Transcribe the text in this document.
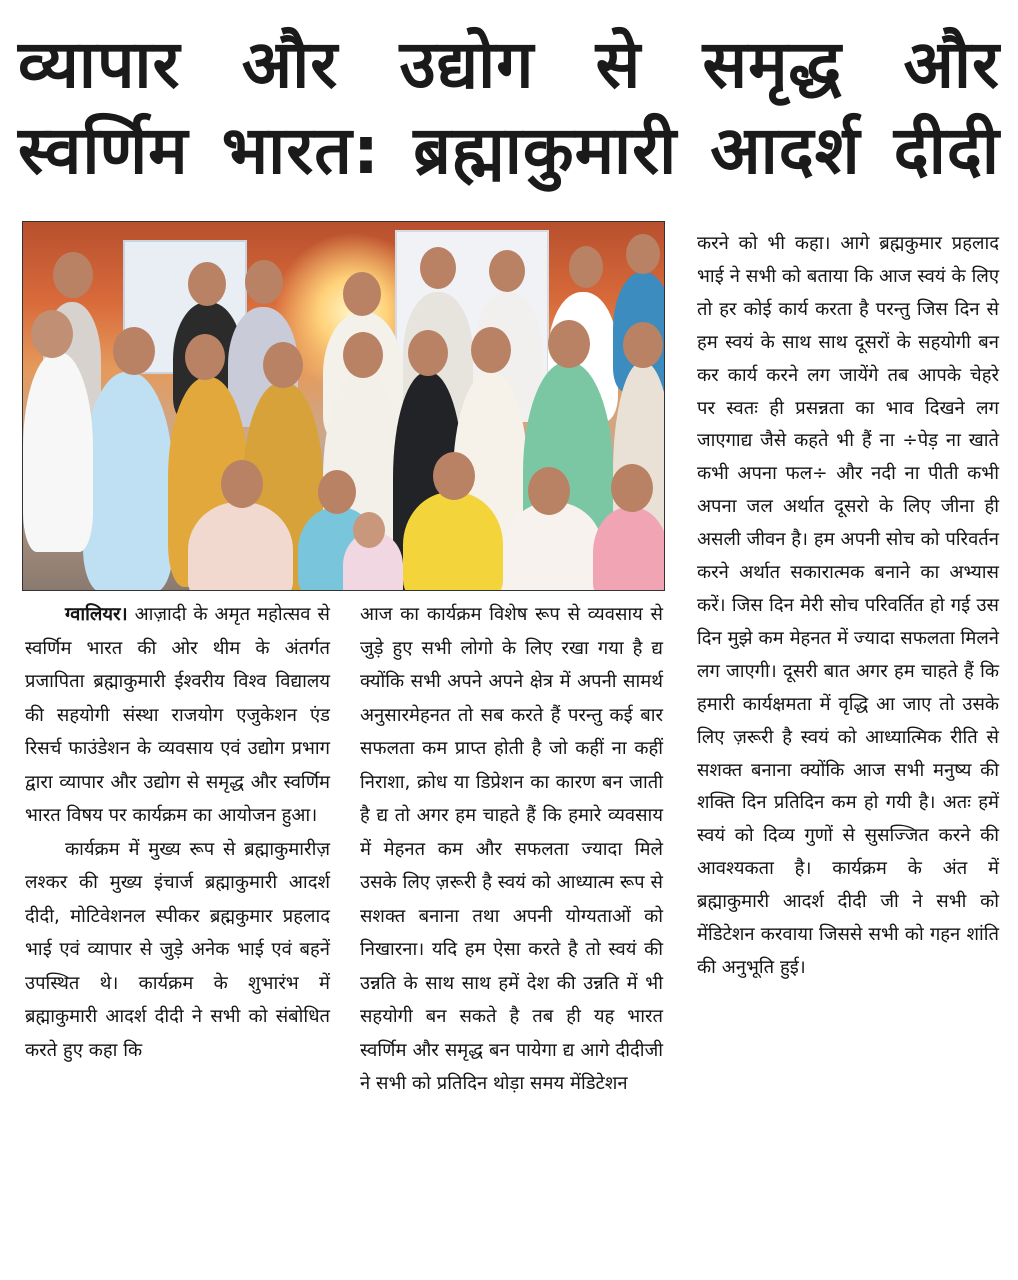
व्यापार और उद्योग से समृद्ध और
स्वर्णिम भारत: ब्रह्माकुमारी आदर्श दीदी

ग्वालियर। आज़ादी के अमृत महोत्सव से स्वर्णिम भारत की ओर थीम के अंतर्गत प्रजापिता ब्रह्माकुमारी ईश्वरीय विश्व विद्यालय की सहयोगी संस्था राजयोग एजुकेशन एंड रिसर्च फाउंडेशन के व्यवसाय एवं उद्योग प्रभाग द्वारा व्यापार और उद्योग से समृद्ध और स्वर्णिम भारत विषय पर कार्यक्रम का आयोजन हुआ।

कार्यक्रम में मुख्य रूप से ब्रह्माकुमारीज़ लश्कर की मुख्य इंचार्ज ब्रह्माकुमारी आदर्श दीदी, मोटिवेशनल स्पीकर ब्रह्मकुमार प्रहलाद भाई एवं व्यापार से जुड़े अनेक भाई एवं बहनें उपस्थित थे। कार्यक्रम के शुभारंभ में ब्रह्माकुमारी आदर्श दीदी ने सभी को संबोधित करते हुए कहा कि

आज का कार्यक्रम विशेष रूप से व्यवसाय से जुड़े हुए सभी लोगो के लिए रखा गया है द्य क्योंकि सभी अपने अपने क्षेत्र में अपनी सामर्थ अनुसारमेहनत तो सब करते हैं परन्तु कई बार सफलता कम प्राप्त होती है जो कहीं ना कहीं निराशा, क्रोध या डिप्रेशन का कारण बन जाती है द्य तो अगर हम चाहते हैं कि हमारे व्यवसाय में मेहनत कम और सफलता ज्यादा मिले उसके लिए ज़रूरी है स्वयं को आध्यात्म रूप से सशक्त बनाना तथा अपनी योग्यताओं को निखारना। यदि हम ऐसा करते है तो स्वयं की उन्नति के साथ साथ हमें देश की उन्नति में भी सहयोगी बन सकते है तब ही यह भारत स्वर्णिम और समृद्ध बन पायेगा द्य आगे दीदीजी ने सभी को प्रतिदिन थोड़ा समय मेंडिटेशन

करने को भी कहा। आगे ब्रह्मकुमार प्रहलाद भाई ने सभी को बताया कि आज स्वयं के लिए तो हर कोई कार्य करता है परन्तु जिस दिन से हम स्वयं के साथ साथ दूसरों के सहयोगी बन कर कार्य करने लग जायेंगे तब आपके चेहरे पर स्वतः ही प्रसन्नता का भाव दिखने लग जाएगाद्य जैसे कहते भी हैं ना ÷पेड़ ना खाते कभी अपना फल÷ और नदी ना पीती कभी अपना जल अर्थात दूसरो के लिए जीना ही असली जीवन है। हम अपनी सोच को परिवर्तन करने अर्थात सकारात्मक बनाने का अभ्यास करें। जिस दिन मेरी सोच परिवर्तित हो गई उस दिन मुझे कम मेहनत में ज्यादा सफलता मिलने लग जाएगी। दूसरी बात अगर हम चाहते हैं कि हमारी कार्यक्षमता में वृद्धि आ जाए तो उसके लिए ज़रूरी है स्वयं को आध्यात्मिक रीति से सशक्त बनाना क्योंकि आज सभी मनुष्य की शक्ति दिन प्रतिदिन कम हो गयी है। अतः हमें स्वयं को दिव्य गुणों से सुसज्जित करने की आवश्यकता है। कार्यक्रम के अंत में ब्रह्माकुमारी आदर्श दीदी जी ने सभी को मेंडिटेशन करवाया जिससे सभी को गहन शांति की अनुभूति हुई।
